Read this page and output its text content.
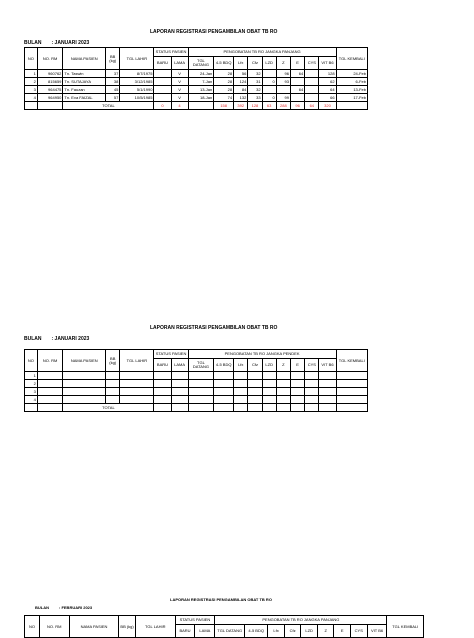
LAPORAN REGISTRASI PENGAMBILAN OBAT TB RO
BULAN : JANUARI 2023
NO	NO. RM	NAMA PASIEN	BB (kg)	TGL LAHIR	STATUS PASIEN		PENGOBATAN TB RO JANGKA PANJANG									TGL KEMBALI
					BARU	LAMA	TGL DATANG	4-5 BDQ	Lfx	Cfz	LZD	Z	E	CYS	VIT B6	
1	960762	Tn. Taswin	37	8/7/1975		V	24-Jan	28	56	32		96	64		128	24-Feb
2	815659	Tn. SUTAJAYA	38	3/12/1985		V	7-Jan	28	124	31	0	93			62	6-Feb
3	964475	Tn. Fauzan	45	5/1/1990		V	13-Jan	28	84	32			64		64	13-Feb
4	964950	Tn. Eva FAIZAL	57	10/5/1985		V	18-Jan	74	132	33	0	99			66	17-Feb
		TOTAL			0	4		158	392	128	63	288	96	64	320	
LAPORAN REGISTRASI PENGAMBILAN OBAT TB RO
BULAN : JANUARI 2023
NO	NO. RM	NAMA PASIEN	BB (kg)	TGL LAHIR	STATUS PASIEN		PENGOBATAN TB RO JANGKA PENDEK									TGL KEMBALI
					BARU	LAMA	TGL DATANG	4-5 BDQ	Lfx	Cfz	LZD	Z	E	CYS	VIT B6	
1																
2																
3																
4																
		TOTAL														
LAPORAN REGISTRASI PENGAMBILAN OBAT TB RO
BULAN	: FEBRUARI 2023
NO	NO. RM	NAMA PASIEN	BB (kg)	TGL LAHIR	STATUS PASIEN		PENGOBATAN TB RO JANGKA PANJANG									TGL KEMBALI
					BARU	LAMA	TGL DATANG	4-5 BDQ	Lfx	Cfz	LZD	Z	E	CYS	VIT B6	
